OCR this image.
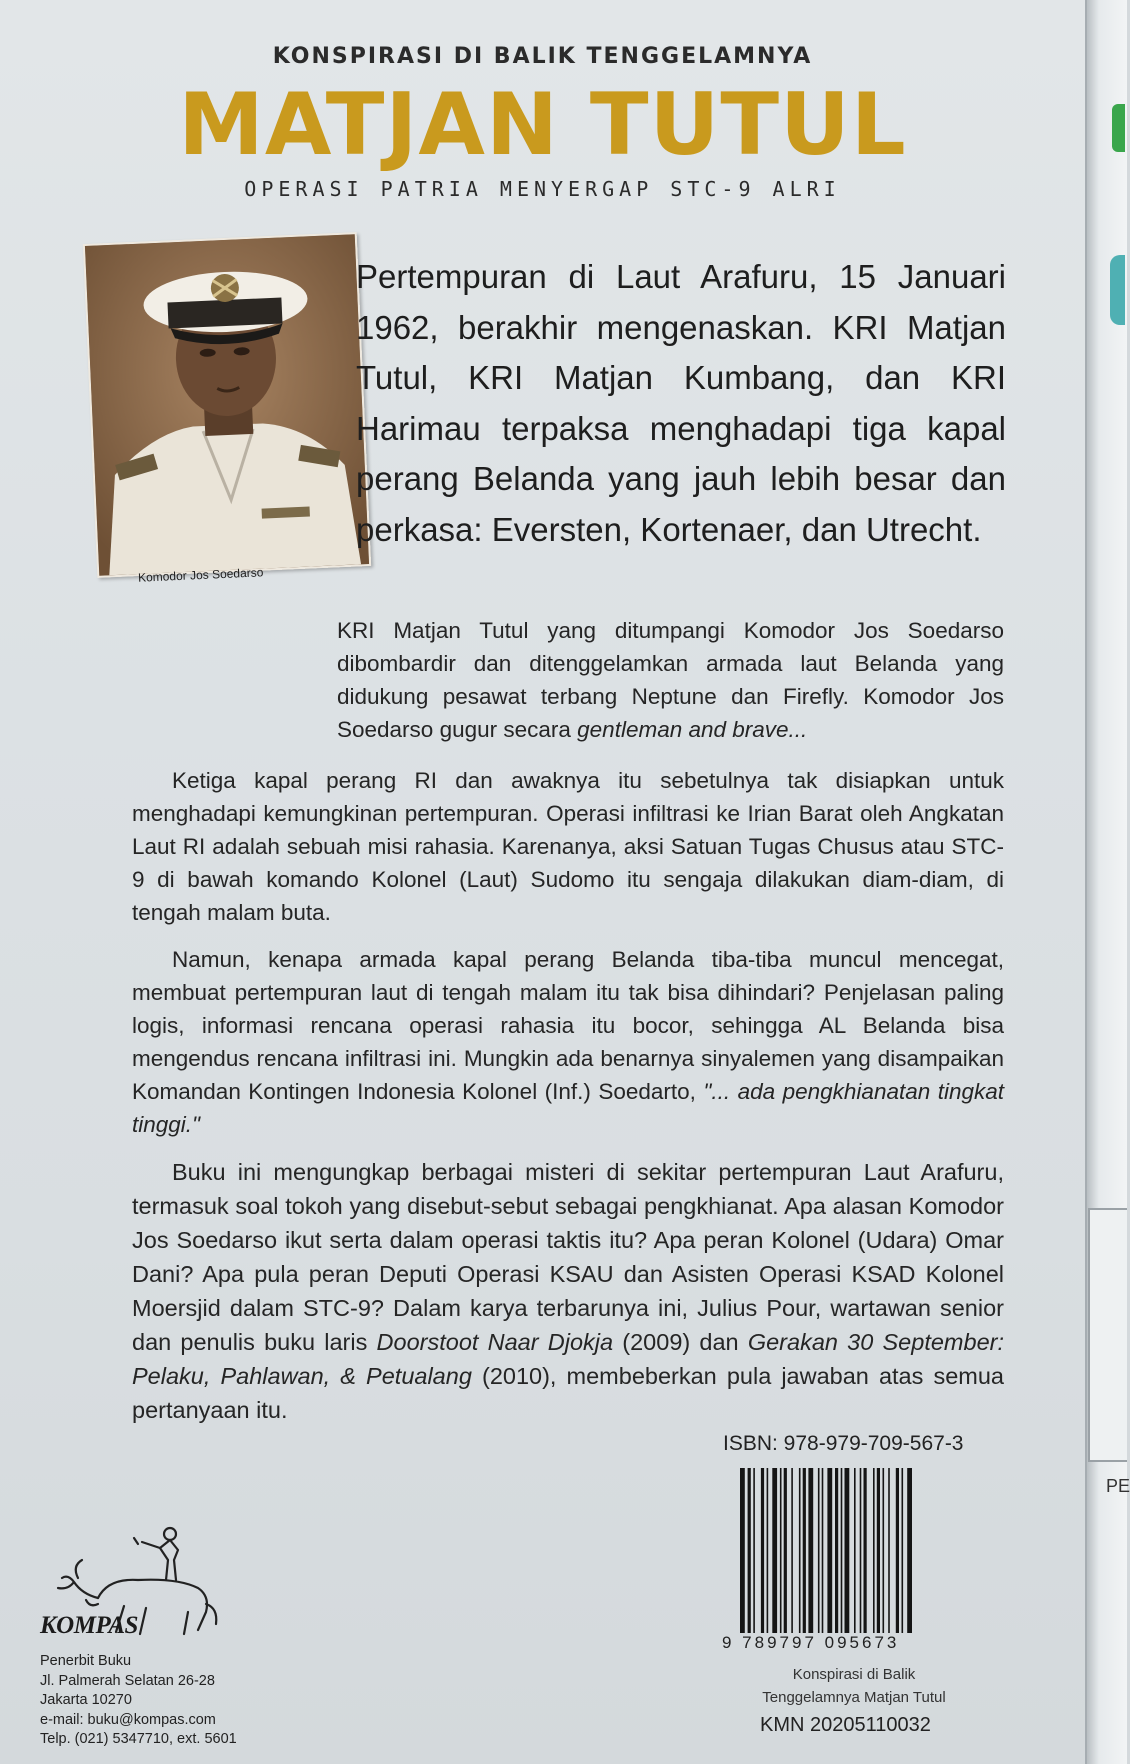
KONSPIRASI DI BALIK TENGGELAMNYA
MATJAN TUTUL
OPERASI PATRIA MENYERGAP STC-9 ALRI
Komodor Jos Soedarso

Pertempuran di Laut Arafuru, 15 Januari 1962, berakhir mengenaskan. KRI Matjan Tutul, KRI Matjan Kumbang, dan KRI Harimau terpaksa menghadapi tiga kapal perang Belanda yang jauh lebih besar dan perkasa: Eversten, Kortenaer, dan Utrecht.

KRI Matjan Tutul yang ditumpangi Komodor Jos Soedarso dibombardir dan ditenggelamkan armada laut Belanda yang didukung pesawat terbang Neptune dan Firefly. Komodor Jos Soedarso gugur secara gentleman and brave...

Ketiga kapal perang RI dan awaknya itu sebetulnya tak disiapkan untuk menghadapi kemungkinan pertempuran. Operasi infiltrasi ke Irian Barat oleh Angkatan Laut RI adalah sebuah misi rahasia. Karenanya, aksi Satuan Tugas Chusus atau STC-9 di bawah komando Kolonel (Laut) Sudomo itu sengaja dilakukan diam-diam, di tengah malam buta.

Namun, kenapa armada kapal perang Belanda tiba-tiba muncul mencegat, membuat pertempuran laut di tengah malam itu tak bisa dihindari? Penjelasan paling logis, informasi rencana operasi rahasia itu bocor, sehingga AL Belanda bisa mengendus rencana infiltrasi ini. Mungkin ada benarnya sinyalemen yang disampaikan Komandan Kontingen Indonesia Kolonel (Inf.) Soedarto, "... ada pengkhianatan tingkat tinggi."

Buku ini mengungkap berbagai misteri di sekitar pertempuran Laut Arafuru, termasuk soal tokoh yang disebut-sebut sebagai pengkhianat. Apa alasan Komodor Jos Soedarso ikut serta dalam operasi taktis itu? Apa peran Kolonel (Udara) Omar Dani? Apa pula peran Deputi Operasi KSAU dan Asisten Operasi KSAD Kolonel Moersjid dalam STC-9? Dalam karya terbarunya ini, Julius Pour, wartawan senior dan penulis buku laris Doorstoot Naar Djokja (2009) dan Gerakan 30 September: Pelaku, Pahlawan, & Petualang (2010), membeberkan pula jawaban atas semua pertanyaan itu.

ISBN: 978-979-709-567-3
9 789797 095673
Konspirasi di Balik
Tenggelamnya Matjan Tutul
KMN 20205110032
KOMPAS
Penerbit Buku
Jl. Palmerah Selatan 26-28
Jakarta 10270
e-mail: buku@kompas.com
Telp. (021) 5347710, ext. 5601
PE
